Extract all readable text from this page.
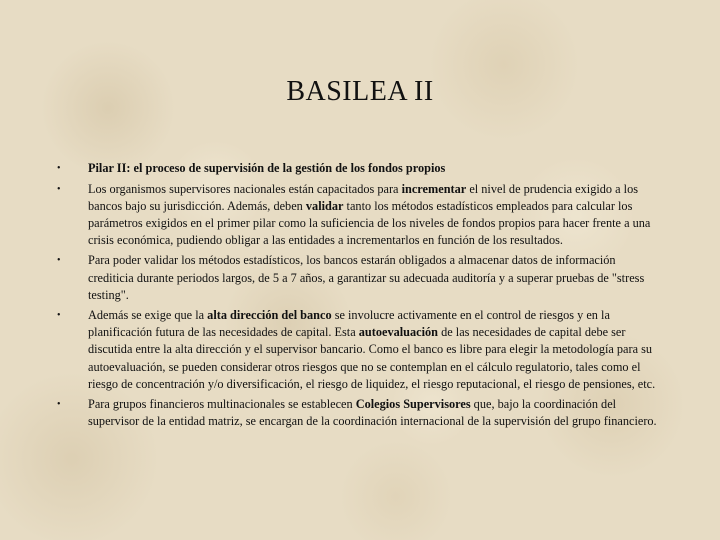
BASILEA II
• Pilar II: el proceso de supervisión de la gestión de los fondos propios
• Los organismos supervisores nacionales están capacitados para incrementar el nivel de prudencia exigido a los bancos bajo su jurisdicción. Además, deben validar tanto los métodos estadísticos empleados para calcular los parámetros exigidos en el primer pilar como la suficiencia de los niveles de fondos propios para hacer frente a una crisis económica, pudiendo obligar a las entidades a incrementarlos en función de los resultados.
• Para poder validar los métodos estadísticos, los bancos estarán obligados a almacenar datos de información crediticia durante periodos largos, de 5 a 7 años, a garantizar su adecuada auditoría y a superar pruebas de "stress testing".
• Además se exige que la alta dirección del banco se involucre activamente en el control de riesgos y en la planificación futura de las necesidades de capital. Esta autoevaluación de las necesidades de capital debe ser discutida entre la alta dirección y el supervisor bancario. Como el banco es libre para elegir la metodología para su autoevaluación, se pueden considerar otros riesgos que no se contemplan en el cálculo regulatorio, tales como el riesgo de concentración y/o diversificación, el riesgo de liquidez, el riesgo reputacional, el riesgo de pensiones, etc.
• Para grupos financieros multinacionales se establecen Colegios Supervisores que, bajo la coordinación del supervisor de la entidad matriz, se encargan de la coordinación internacional de la supervisión del grupo financiero.
